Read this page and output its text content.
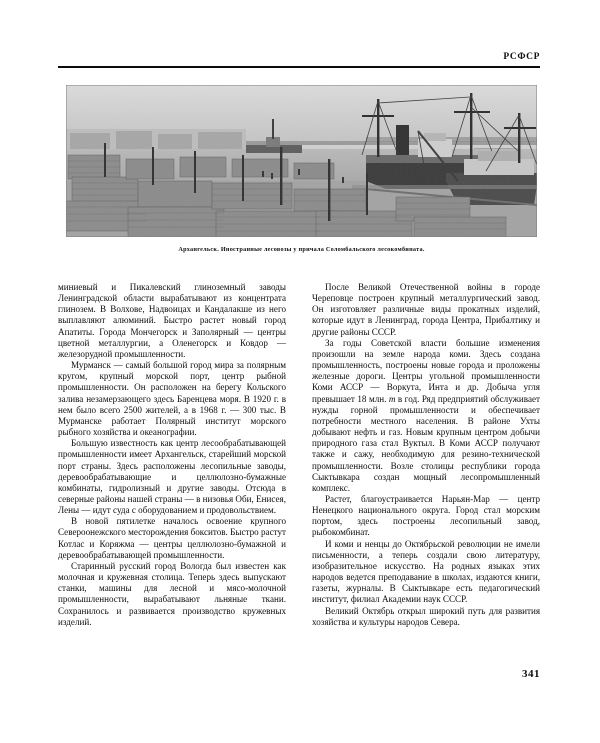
РСФСР
Архангельск. Иностранные лесовозы у причала Соломбальского лесокомбината.

миниевый и Пикалевский глиноземный заводы Ленинградской области вырабатывают из концентрата глинозем. В Волхове, Надвоицах и Кандалакше из него выплавляют алюминий. Быстро растет новый город Апатиты. Города Мончегорск и Заполярный — центры цветной металлургии, а Оленегорск и Ковдор — железорудной промышленности.

Мурманск — самый большой город мира за полярным кругом, крупный морской порт, центр рыбной промышленности. Он расположен на берегу Кольского залива незамерзающего здесь Баренцева моря. В 1920 г. в нем было всего 2500 жителей, а в 1968 г. — 300 тыс. В Мурманске работает Полярный институт морского рыбного хозяйства и океанографии.

Большую известность как центр лесообрабатывающей промышленности имеет Архангельск, старейший морской порт страны. Здесь расположены лесопильные заводы, деревообрабатывающие и целлюлозно-бумажные комбинаты, гидролизный и другие заводы. Отсюда в северные районы нашей страны — в низовья Оби, Енисея, Лены — идут суда с оборудованием и продовольствием.

В новой пятилетке началось освоение крупного Североонежского месторождения бокситов. Быстро растут Котлас и Коряжма — центры целлюлозно-бумажной и деревообрабатывающей промышленности.

Старинный русский город Вологда был известен как молочная и кружевная столица. Теперь здесь выпускают станки, машины для лесной и мясо-молочной промышленности, вырабатывают льняные ткани. Сохранилось и развивается производство кружевных изделий.

После Великой Отечественной войны в городе Череповце построен крупный металлургический завод. Он изготовляет различные виды прокатных изделий, которые идут в Ленинград, города Центра, Прибалтику и другие районы СССР.

За годы Советской власти большие изменения произошли на земле народа коми. Здесь создана промышленность, построены новые города и проложены железные дороги. Центры угольной промышленности Коми АССР — Воркута, Инта и др. Добыча угля превышает 18 млн. т в год. Ряд предприятий обслуживает нужды горной промышленности и обеспечивает потребности местного населения. В районе Ухты добывают нефть и газ. Новым крупным центром добычи природного газа стал Вуктыл. В Коми АССР получают также и сажу, необходимую для резино-технической промышленности. Возле столицы республики города Сыктывкара создан мощный лесопромышленный комплекс.

Растет, благоустраивается Нарьян-Мар — центр Ненецкого национального округа. Город стал морским портом, здесь построены лесопильный завод, рыбокомбинат.

И коми и ненцы до Октябрьской революции не имели письменности, а теперь создали свою литературу, изобразительное искусство. На родных языках этих народов ведется преподавание в школах, издаются книги, газеты, журналы. В Сыктывкаре есть педагогический институт, филиал Академии наук СССР.

Великий Октябрь открыл широкий путь для развития хозяйства и культуры народов Севера.

341
